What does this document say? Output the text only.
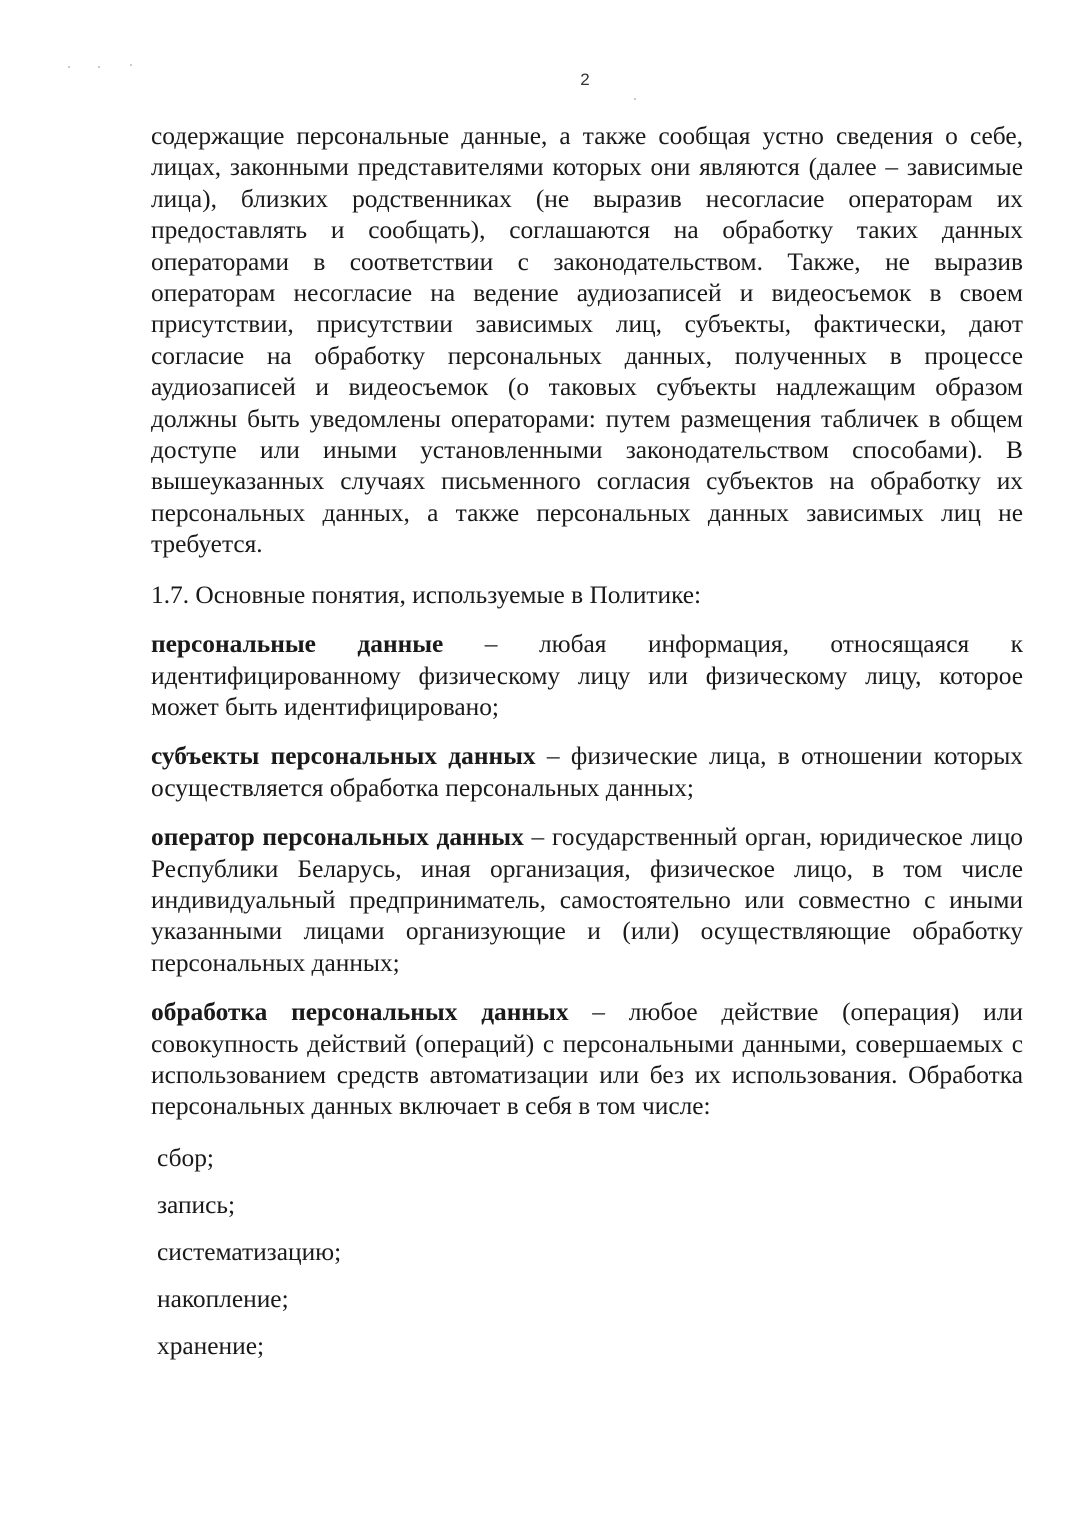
2

содержащие персональные данные, а также сообщая устно сведения о себе, лицах, законными представителями которых они являются (далее – зависимые лица), близких родственниках (не выразив несогласие операторам их предоставлять и сообщать), соглашаются на обработку таких данных операторами в соответствии с законодательством. Также, не выразив операторам несогласие на ведение аудиозаписей и видеосъемок в своем присутствии, присутствии зависимых лиц, субъекты, фактически, дают согласие на обработку персональных данных, полученных в процессе аудиозаписей и видеосъемок (о таковых субъекты надлежащим образом должны быть уведомлены операторами: путем размещения табличек в общем доступе или иными установленными законодательством способами). В вышеуказанных случаях письменного согласия субъектов на обработку их персональных данных, а также персональных данных зависимых лиц не требуется.

1.7. Основные понятия, используемые в Политике:

персональные данные – любая информация, относящаяся к идентифицированному физическому лицу или физическому лицу, которое может быть идентифицировано;

субъекты персональных данных – физические лица, в отношении которых осуществляется обработка персональных данных;

оператор персональных данных – государственный орган, юридическое лицо Республики Беларусь, иная организация, физическое лицо, в том числе индивидуальный предприниматель, самостоятельно или совместно с иными указанными лицами организующие и (или) осуществляющие обработку персональных данных;

обработка персональных данных – любое действие (операция) или совокупность действий (операций) с персональными данными, совершаемых с использованием средств автоматизации или без их использования. Обработка персональных данных включает в себя в том числе:

сбор;
запись;
систематизацию;
накопление;
хранение;
